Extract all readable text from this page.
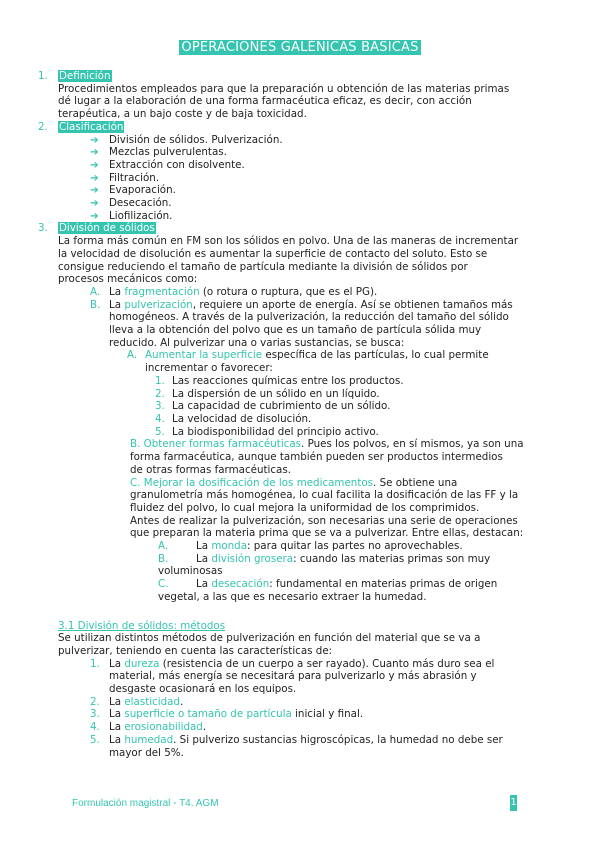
OPERACIONES GALÉNICAS BÁSICAS
1. Definición
Procedimientos empleados para que la preparación u obtención de las materias primas
dé lugar a la elaboración de una forma farmacéutica eficaz, es decir, con acción
terapéutica, a un bajo coste y de baja toxicidad.
2. Clasificación
➔ División de sólidos. Pulverización.
➔ Mezclas pulverulentas.
➔ Extracción con disolvente.
➔ Filtración.
➔ Evaporación.
➔ Desecación.
➔ Liofilización.
3. División de sólidos
La forma más común en FM son los sólidos en polvo. Una de las maneras de incrementar
la velocidad de disolución es aumentar la superficie de contacto del soluto. Esto se
consigue reduciendo el tamaño de partícula mediante la división de sólidos por
procesos mecánicos como:
A. La fragmentación (o rotura o ruptura, que es el PG).
B. La pulverización, requiere un aporte de energía. Así se obtienen tamaños más
homogéneos. A través de la pulverización, la reducción del tamaño del sólido
lleva a la obtención del polvo que es un tamaño de partícula sólida muy
reducido. Al pulverizar una o varias sustancias, se busca:
A. Aumentar la superficie específica de las partículas, lo cual permite
incrementar o favorecer:
1. Las reacciones químicas entre los productos.
2. La dispersión de un sólido en un líquido.
3. La capacidad de cubrimiento de un sólido.
4. La velocidad de disolución.
5. La biodisponibilidad del principio activo.
B. Obtener formas farmacéuticas. Pues los polvos, en sí mismos, ya son una
forma farmacéutica, aunque también pueden ser productos intermedios
de otras formas farmacéuticas.
C. Mejorar la dosificación de los medicamentos. Se obtiene una
granulometría más homogénea, lo cual facilita la dosificación de las FF y la
fluidez del polvo, lo cual mejora la uniformidad de los comprimidos.
Antes de realizar la pulverización, son necesarias una serie de operaciones
que preparan la materia prima que se va a pulverizar. Entre ellas, destacan:
A.	La monda: para quitar las partes no aprovechables.
B.	La división grosera: cuando las materias primas son muy
voluminosas
C.	La desecación: fundamental en materias primas de origen
vegetal, a las que es necesario extraer la humedad.
3.1 División de sólidos: métodos
Se utilizan distintos métodos de pulverización en función del material que se va a
pulverizar, teniendo en cuenta las características de:
1. La dureza (resistencia de un cuerpo a ser rayado). Cuanto más duro sea el
material, más energía se necesitará para pulverizarlo y más abrasión y
desgaste ocasionará en los equipos.
2. La elasticidad.
3. La superficie o tamaño de partícula inicial y final.
4. La erosionabilidad.
5. La humedad. Si pulverizo sustancias higroscópicas, la humedad no debe ser
mayor del 5%.
Formulación magistral - T4. AGM	1
